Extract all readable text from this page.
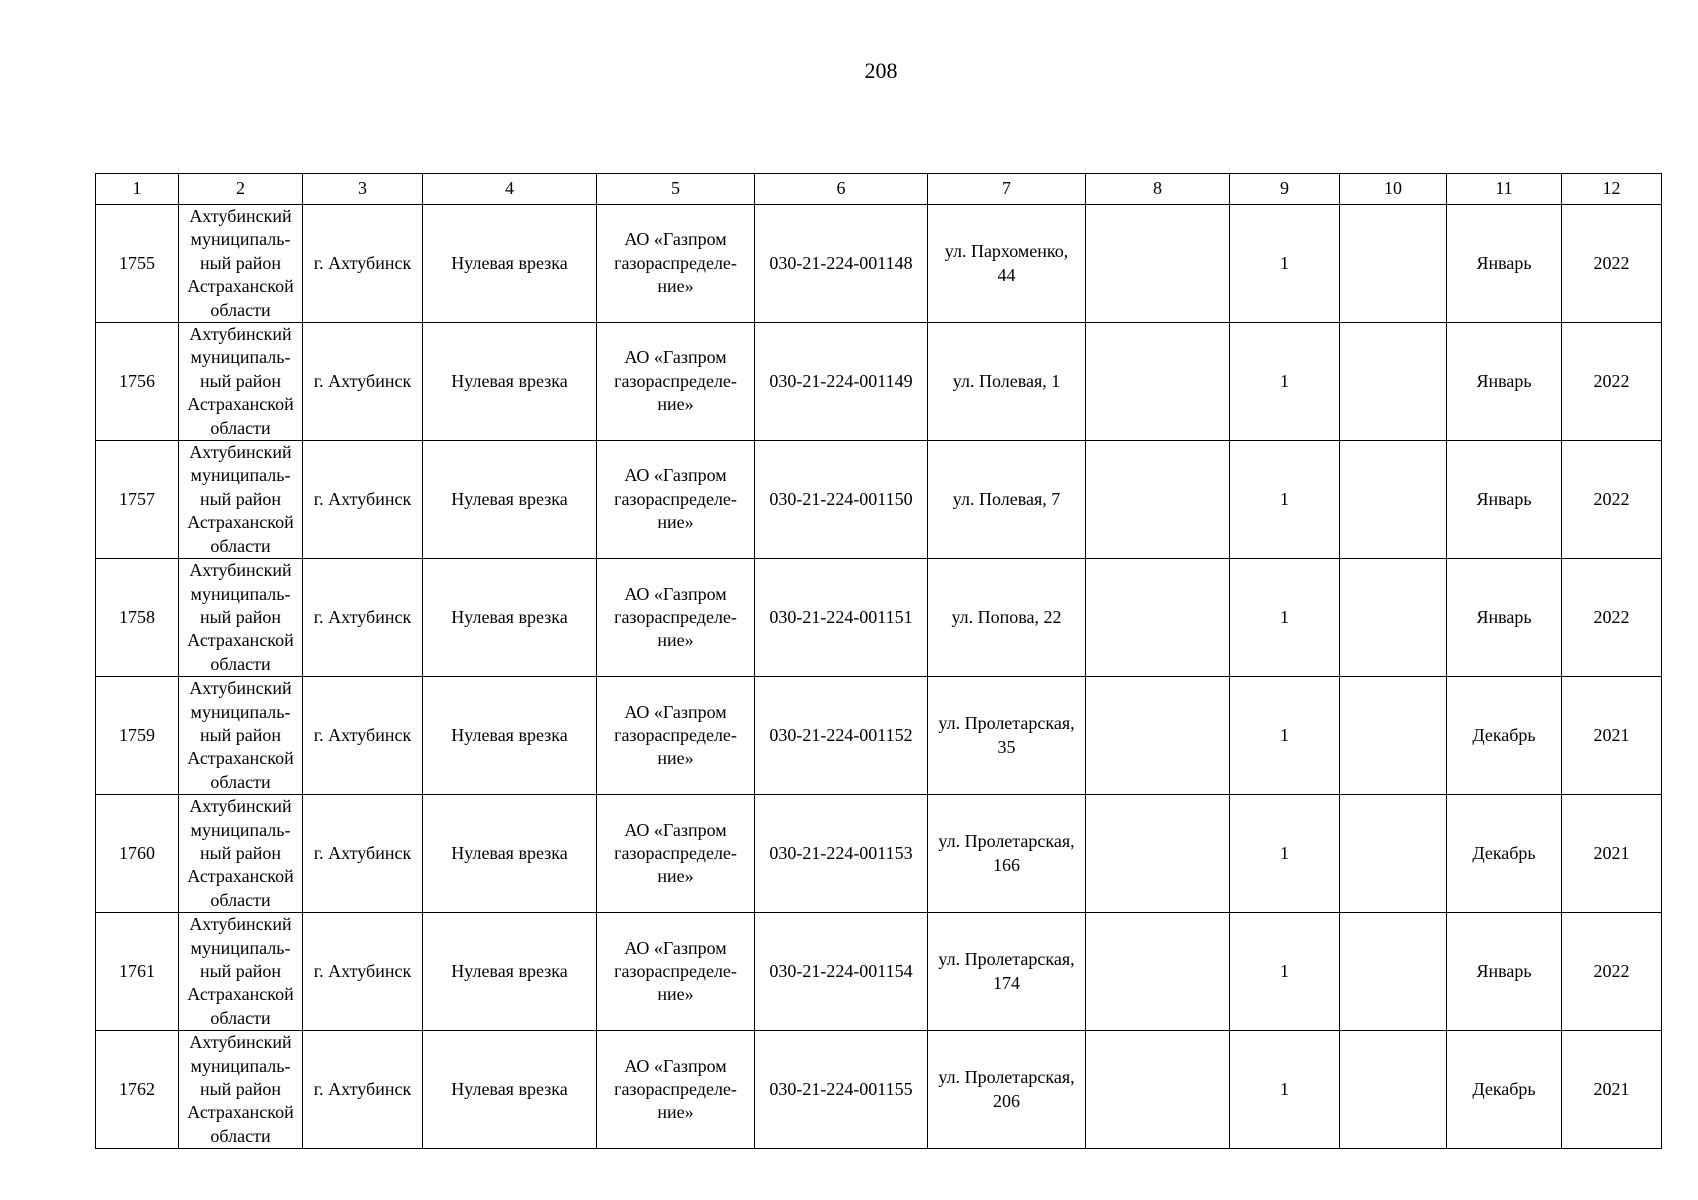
208
1	2	3	4	5	6	7	8	9	10	11	12
1755	Ахтубинский
муниципаль-
ный район
Астраханской
области	г. Ахтубинск	Нулевая врезка	АО «Газпром
газораспределе-
ние»	030-21-224-001148	ул. Пархоменко,
44		1		Январь	2022
1756	Ахтубинский
муниципаль-
ный район
Астраханской
области	г. Ахтубинск	Нулевая врезка	АО «Газпром
газораспределе-
ние»	030-21-224-001149	ул. Полевая, 1		1		Январь	2022
1757	Ахтубинский
муниципаль-
ный район
Астраханской
области	г. Ахтубинск	Нулевая врезка	АО «Газпром
газораспределе-
ние»	030-21-224-001150	ул. Полевая, 7		1		Январь	2022
1758	Ахтубинский
муниципаль-
ный район
Астраханской
области	г. Ахтубинск	Нулевая врезка	АО «Газпром
газораспределе-
ние»	030-21-224-001151	ул. Попова, 22		1		Январь	2022
1759	Ахтубинский
муниципаль-
ный район
Астраханской
области	г. Ахтубинск	Нулевая врезка	АО «Газпром
газораспределе-
ние»	030-21-224-001152	ул. Пролетарская,
35		1		Декабрь	2021
1760	Ахтубинский
муниципаль-
ный район
Астраханской
области	г. Ахтубинск	Нулевая врезка	АО «Газпром
газораспределе-
ние»	030-21-224-001153	ул. Пролетарская,
166		1		Декабрь	2021
1761	Ахтубинский
муниципаль-
ный район
Астраханской
области	г. Ахтубинск	Нулевая врезка	АО «Газпром
газораспределе-
ние»	030-21-224-001154	ул. Пролетарская,
174		1		Январь	2022
1762	Ахтубинский
муниципаль-
ный район
Астраханской
области	г. Ахтубинск	Нулевая врезка	АО «Газпром
газораспределе-
ние»	030-21-224-001155	ул. Пролетарская,
206		1		Декабрь	2021
